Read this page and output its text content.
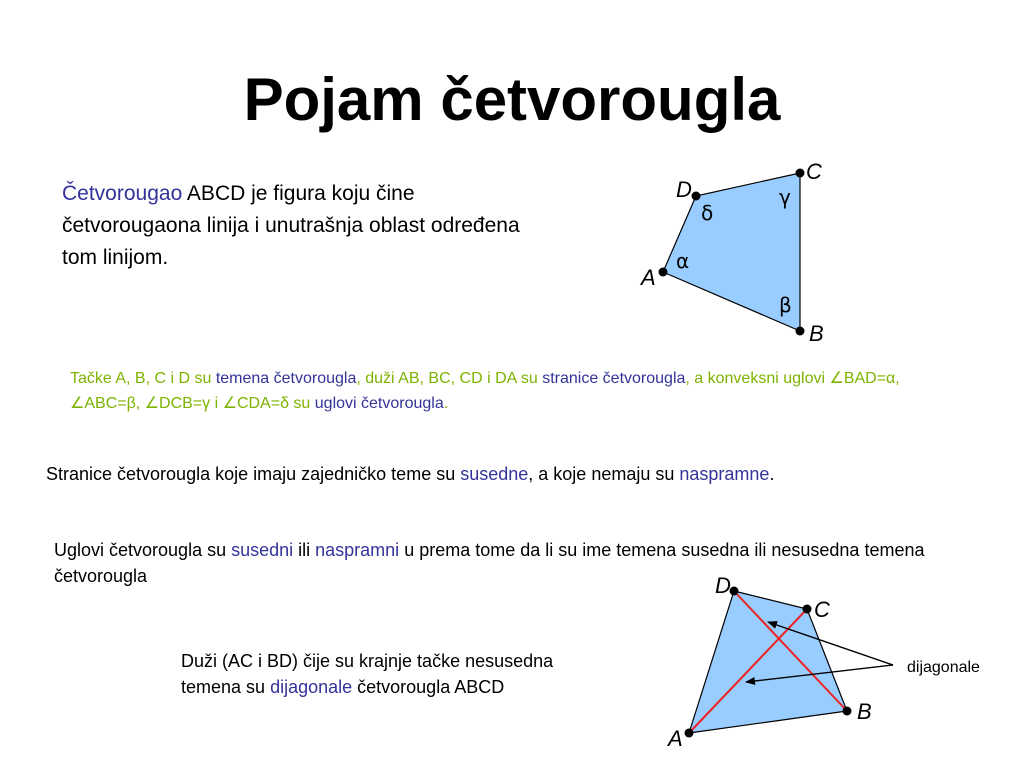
Pojam četvorougla

Četvorougao ABCD je figura koju čine četvorougaona linija i unutrašnja oblast određena tom linijom.

Tačke A, B, C i D su temena četvorougla, duži AB, BC, CD i DA su stranice četvorougla, a konveksni uglovi ∠BAD=α, ∠ABC=β, ∠DCB=γ i ∠CDA=δ su uglovi četvorougla.

Stranice četvorougla koje imaju zajedničko teme su susedne, a koje nemaju su naspramne.

Uglovi četvorougla su susedni ili naspramni u prema tome da li su ime temena susedna ili nesusedna temena četvorougla

Duži (AC i BD) čije su krajnje tačke nesusedna temena su dijagonale četvorougla ABCD

A
B
C
D
α
β
γ
δ
A
B
C
D
dijagonale
